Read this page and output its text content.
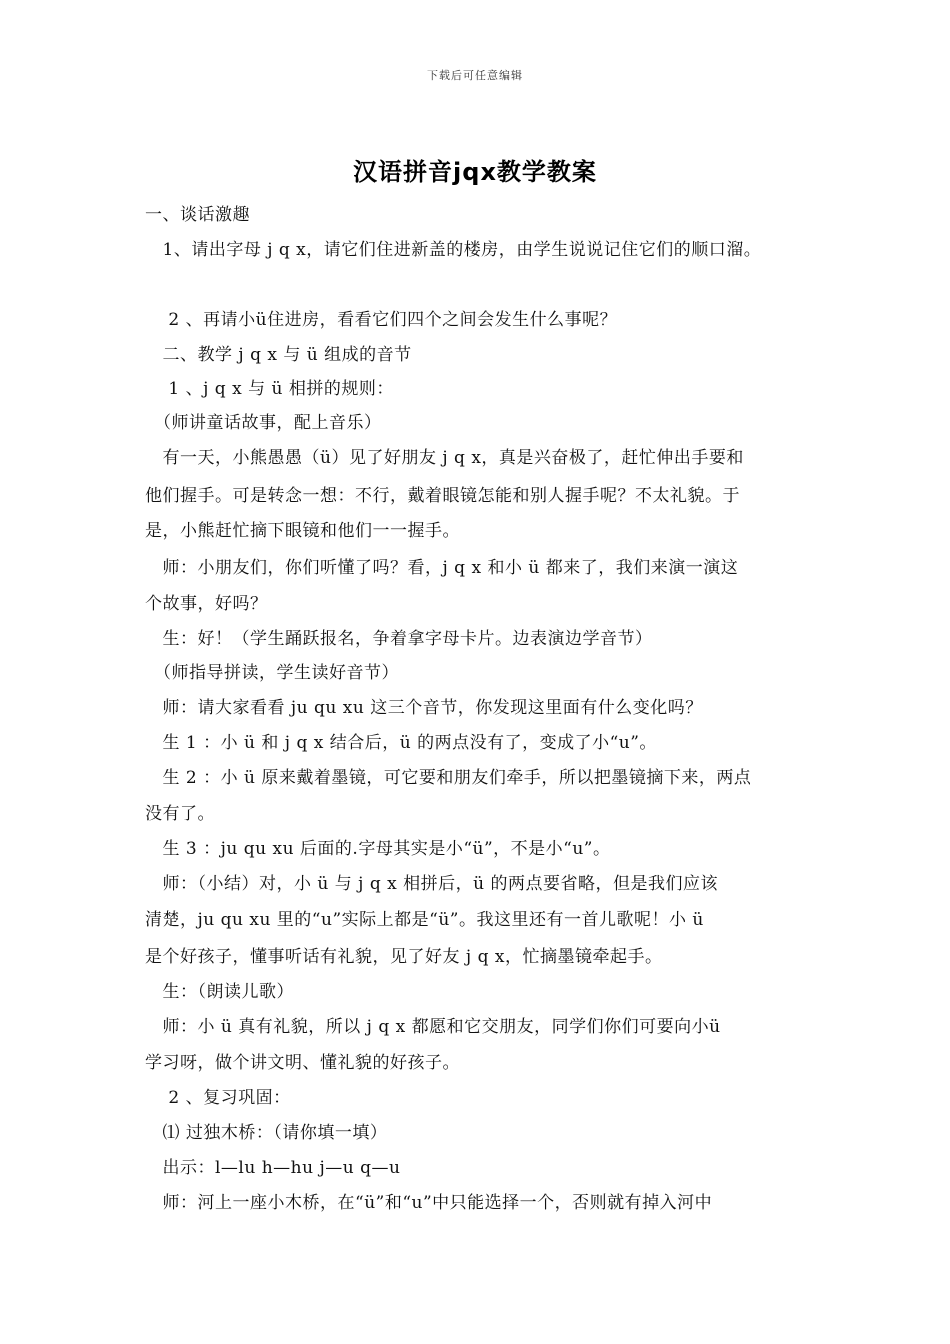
下载后可任意编辑
汉语拼音jqx教学教案
一、谈话激趣
　1、请出字母 j q x，请它们住进新盖的楼房，由学生说说记住它们的顺口溜。
　 2 、再请小ü住进房，看看它们四个之间会发生什么事呢？
　二、教学 j q x 与 ü 组成的音节
　 1 、j q x 与 ü 相拼的规则：
　（师讲童话故事，配上音乐）
　有一天，小熊愚愚（ü）见了好朋友 j q x，真是兴奋极了，赶忙伸出手要和
他们握手。可是转念一想：不行，戴着眼镜怎能和别人握手呢？不太礼貌。于
是，小熊赶忙摘下眼镜和他们一一握手。
　师：小朋友们，你们听懂了吗？看，j q x 和小 ü 都来了，我们来演一演这
个故事，好吗？
　生：好！（学生踊跃报名，争着拿字母卡片。边表演边学音节）
　（师指导拼读，学生读好音节）
　师：请大家看看 ju qu xu 这三个音节，你发现这里面有什么变化吗？
　生 1 ：小 ü 和 j q x 结合后，ü 的两点没有了，变成了小“u”。
　生 2 ：小 ü 原来戴着墨镜，可它要和朋友们牵手，所以把墨镜摘下来，两点
没有了。
　生 3 ：ju qu xu 后面的.字母其实是小“ü”，不是小“u”。
　师：（小结）对，小 ü 与 j q x 相拼后，ü 的两点要省略，但是我们应该
清楚，ju qu xu 里的“u”实际上都是“ü”。我这里还有一首儿歌呢！小 ü
是个好孩子，懂事听话有礼貌，见了好友 j q x，忙摘墨镜牵起手。
　生：（朗读儿歌）
　师：小 ü 真有礼貌，所以 j q x 都愿和它交朋友，同学们你们可要向小ü
学习呀，做个讲文明、懂礼貌的好孩子。
　 2 、复习巩固：
　⑴ 过独木桥：（请你填一填）
　出示：l—lu h—hu j—u q—u
　师：河上一座小木桥，在“ü”和“u”中只能选择一个，否则就有掉入河中
